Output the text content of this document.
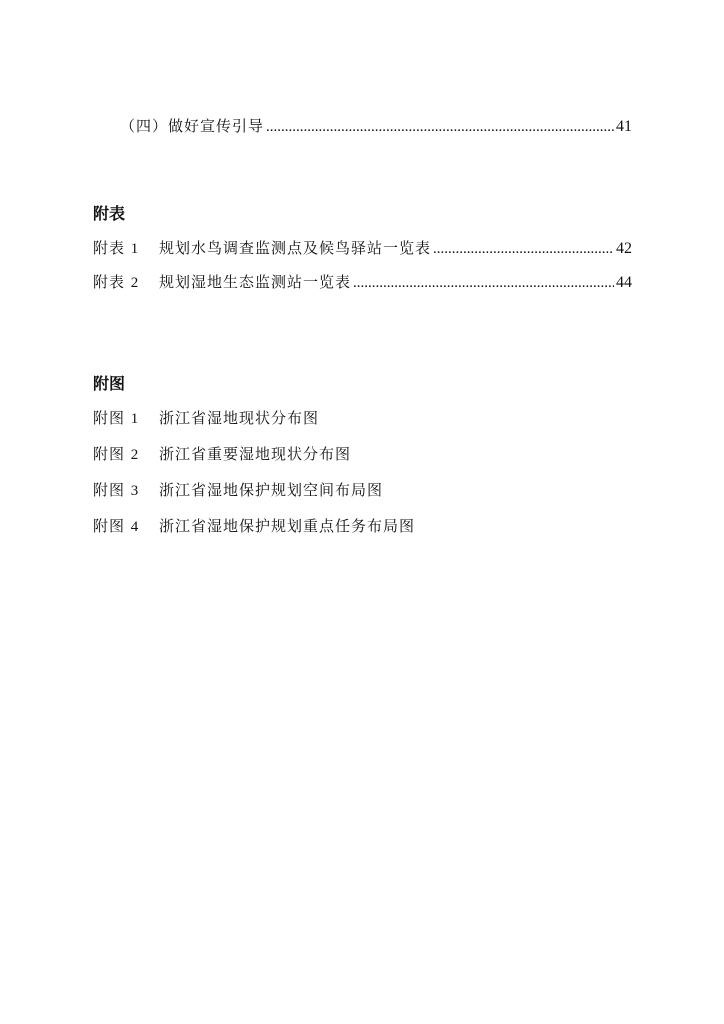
（四）做好宣传引导 .....	41
附表
附表 1	规划水鸟调查监测点及候鸟驿站一览表 .....	42
附表 2	规划湿地生态监测站一览表 .....	44
附图
附图 1 浙江省湿地现状分布图
附图 2 浙江省重要湿地现状分布图
附图 3 浙江省湿地保护规划空间布局图
附图 4 浙江省湿地保护规划重点任务布局图
